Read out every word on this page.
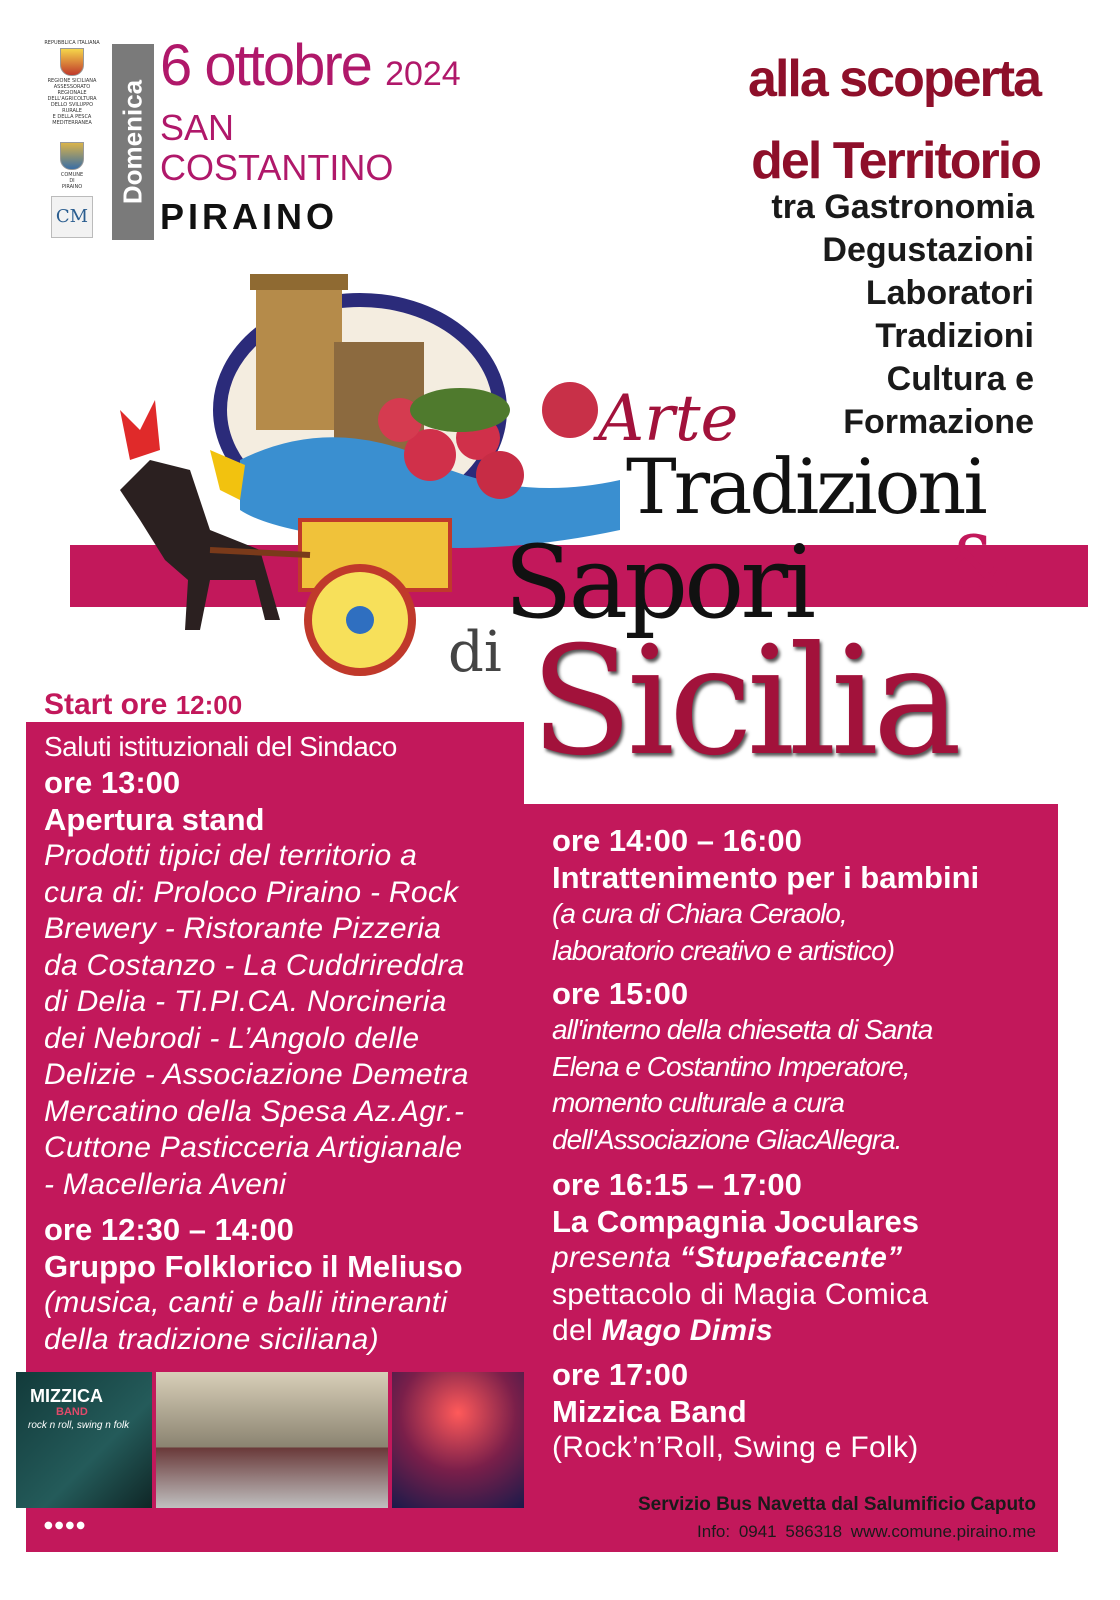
REPUBBLICA ITALIANA
REGIONE SICILIANA
ASSESSORATO REGIONALE DELL'AGRICOLTURA
DELLO SVILUPPO RURALE
E DELLA PESCA MEDITERRANEA
COMUNE
DI
PIRAINO
CM
Domenica
6 ottobre 2024
SAN
COSTANTINO
PIRAINO
alla scoperta
del Territorio
tra Gastronomia
Degustazioni
Laboratori
Tradizioni
Cultura e
Formazione
Arte
Tradizioni
Sapori &
di Sicilia
Start ore 12:00
Saluti istituzionali del Sindaco
ore 13:00
Apertura stand
Prodotti tipici del territorio a
cura di: Proloco Piraino - Rock
Brewery - Ristorante Pizzeria
da Costanzo - La Cuddrireddra
di Delia - TI.PI.CA. Norcineria
dei Nebrodi - L’Angolo delle
Delizie - Associazione Demetra
Mercatino della Spesa Az.Agr.-
Cuttone Pasticceria Artigianale
- Macelleria Aveni
ore 12:30 – 14:00
Gruppo Folklorico il Meliuso
(musica, canti e balli itineranti
della tradizione siciliana)
ore 14:00 – 16:00
Intrattenimento per i bambini
(a cura di Chiara Ceraolo,
laboratorio creativo e artistico)
ore 15:00
all'interno della chiesetta di Santa
Elena e Costantino Imperatore,
momento culturale a cura
dell'Associazione GliacAllegra.
ore 16:15 – 17:00
La Compagnia Joculares
presenta “Stupefacente”
spettacolo di Magia Comica
del Mago Dimis
ore 17:00
Mizzica Band
(Rock’n’Roll, Swing e Folk)
MIZZICA
BAND
rock n roll, swing n folk
●●●●
Servizio Bus Navetta dal Salumificio Caputo
Info: 0941 586318 www.comune.piraino.me
